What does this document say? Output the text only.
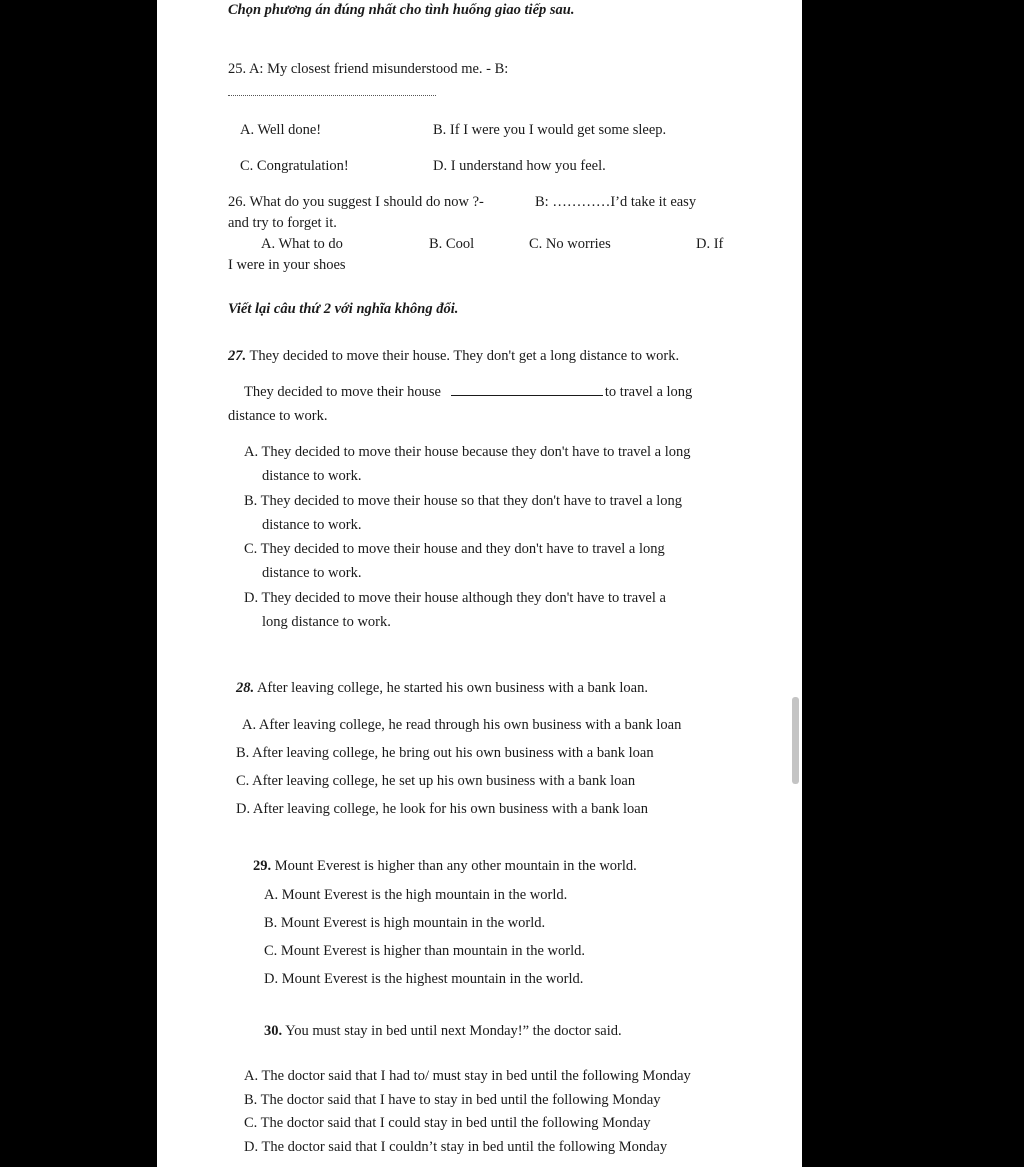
Chọn phương án đúng nhất cho tình huống giao tiếp sau.
25. A: My closest friend misunderstood me. - B:
A. Well done!	B. If I were you I would get some sleep.
C. Congratulation!	D. I understand how you feel.
26. What do you suggest I should do now ?-	B: …………I’d take it easy
and try to forget it.
A. What to do	B. Cool	C. No worries	D. If
I were in your shoes
Viết lại câu thứ 2 với nghĩa không đổi.
27. They decided to move their house. They don't get a long distance to work.
They decided to move their house	to travel a long
distance to work.
A. They decided to move their house because they don't have to travel a long
distance to work.
B. They decided to move their house so that they don't have to travel a long
distance to work.
C. They decided to move their house and they don't have to travel a long
distance to work.
D. They decided to move their house although they don't have to travel a
long distance to work.
28. After leaving college, he started his own business with a bank loan.
A. After leaving college, he read through his own business with a bank loan
B. After leaving college, he bring out his own business with a bank loan
C. After leaving college, he set up his own business with a bank loan
D. After leaving college, he look for his own business with a bank loan
29. Mount Everest is higher than any other mountain in the world.
A. Mount Everest is the high mountain in the world.
B. Mount Everest is high mountain in the world.
C. Mount Everest is higher than mountain in the world.
D. Mount Everest is the highest mountain in the world.
30. You must stay in bed until next Monday!” the doctor said.
A. The doctor said that I had to/ must stay in bed until the following Monday
B. The doctor said that I have to stay in bed until the following Monday
C. The doctor said that I could stay in bed until the following Monday
D. The doctor said that I couldn’t stay in bed until the following Monday
